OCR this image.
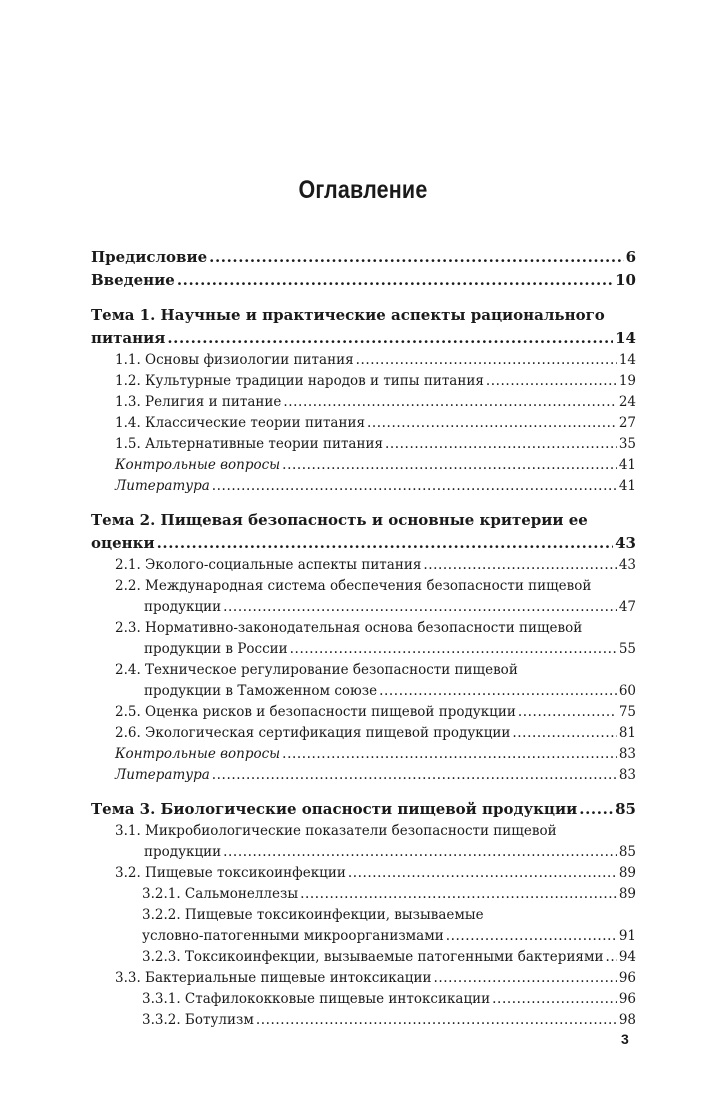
Оглавление
Предисловие .....	6
Введение .....	10
Тема 1. Научные и практические аспекты рационального
питания .....	14
1.1. Основы физиологии питания .....	14
1.2. Культурные традиции народов и типы питания .....	19
1.3. Религия и питание .....	24
1.4. Классические теории питания .....	27
1.5. Альтернативные теории питания .....	35
Контрольные вопросы .....	41
Литература .....	41
Тема 2. Пищевая безопасность и основные критерии ее
оценки .....	43
2.1. Эколого-социальные аспекты питания .....	43
2.2. Международная система обеспечения безопасности пищевой
продукции .....	47
2.3. Нормативно-законодательная основа безопасности пищевой
продукции в России .....	55
2.4. Техническое регулирование безопасности пищевой
продукции в Таможенном союзе .....	60
2.5. Оценка рисков и безопасности пищевой продукции .....	75
2.6. Экологическая сертификация пищевой продукции .....	81
Контрольные вопросы .....	83
Литература .....	83
Тема 3. Биологические опасности пищевой продукции .....	85
3.1. Микробиологические показатели безопасности пищевой
продукции .....	85
3.2. Пищевые токсикоинфекции .....	89
3.2.1. Сальмонеллезы .....	89
3.2.2. Пищевые токсикоинфекции, вызываемые
условно-патогенными микроорганизмами .....	91
3.2.3. Токсикоинфекции, вызываемые патогенными бактериями ..... 94
3.3. Бактериальные пищевые интоксикации .....	96
3.3.1. Стафилококковые пищевые интоксикации .....	96
3.3.2. Ботулизм .....	98
3
